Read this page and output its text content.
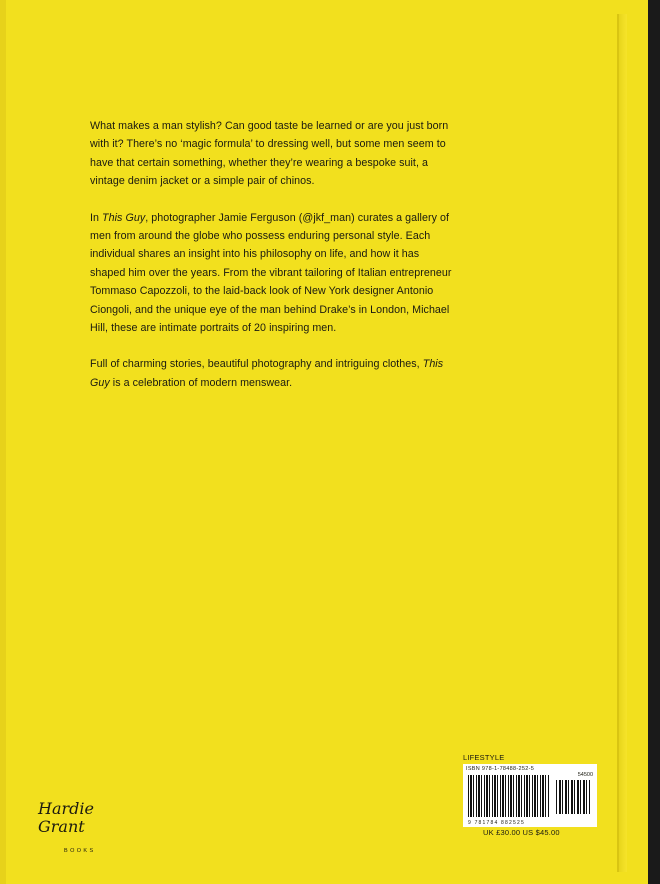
What makes a man stylish? Can good taste be learned or are you just born with it? There’s no ‘magic formula’ to dressing well, but some men seem to have that certain something, whether they’re wearing a bespoke suit, a vintage denim jacket or a simple pair of chinos.

In This Guy, photographer Jamie Ferguson (@jkf_man) curates a gallery of men from around the globe who possess enduring personal style. Each individual shares an insight into his philosophy on life, and how it has shaped him over the years. From the vibrant tailoring of Italian entrepreneur Tommaso Capozzoli, to the laid-back look of New York designer Antonio Ciongoli, and the unique eye of the man behind Drake’s in London, Michael Hill, these are intimate portraits of 20 inspiring men.

Full of charming stories, beautiful photography and intriguing clothes, This Guy is a celebration of modern menswear.

Hardie Grant
BOOKS
LIFESTYLE
ISBN 978-1-78488-252-5
54500
9 781784 882525
UK £30.00 US $45.00
